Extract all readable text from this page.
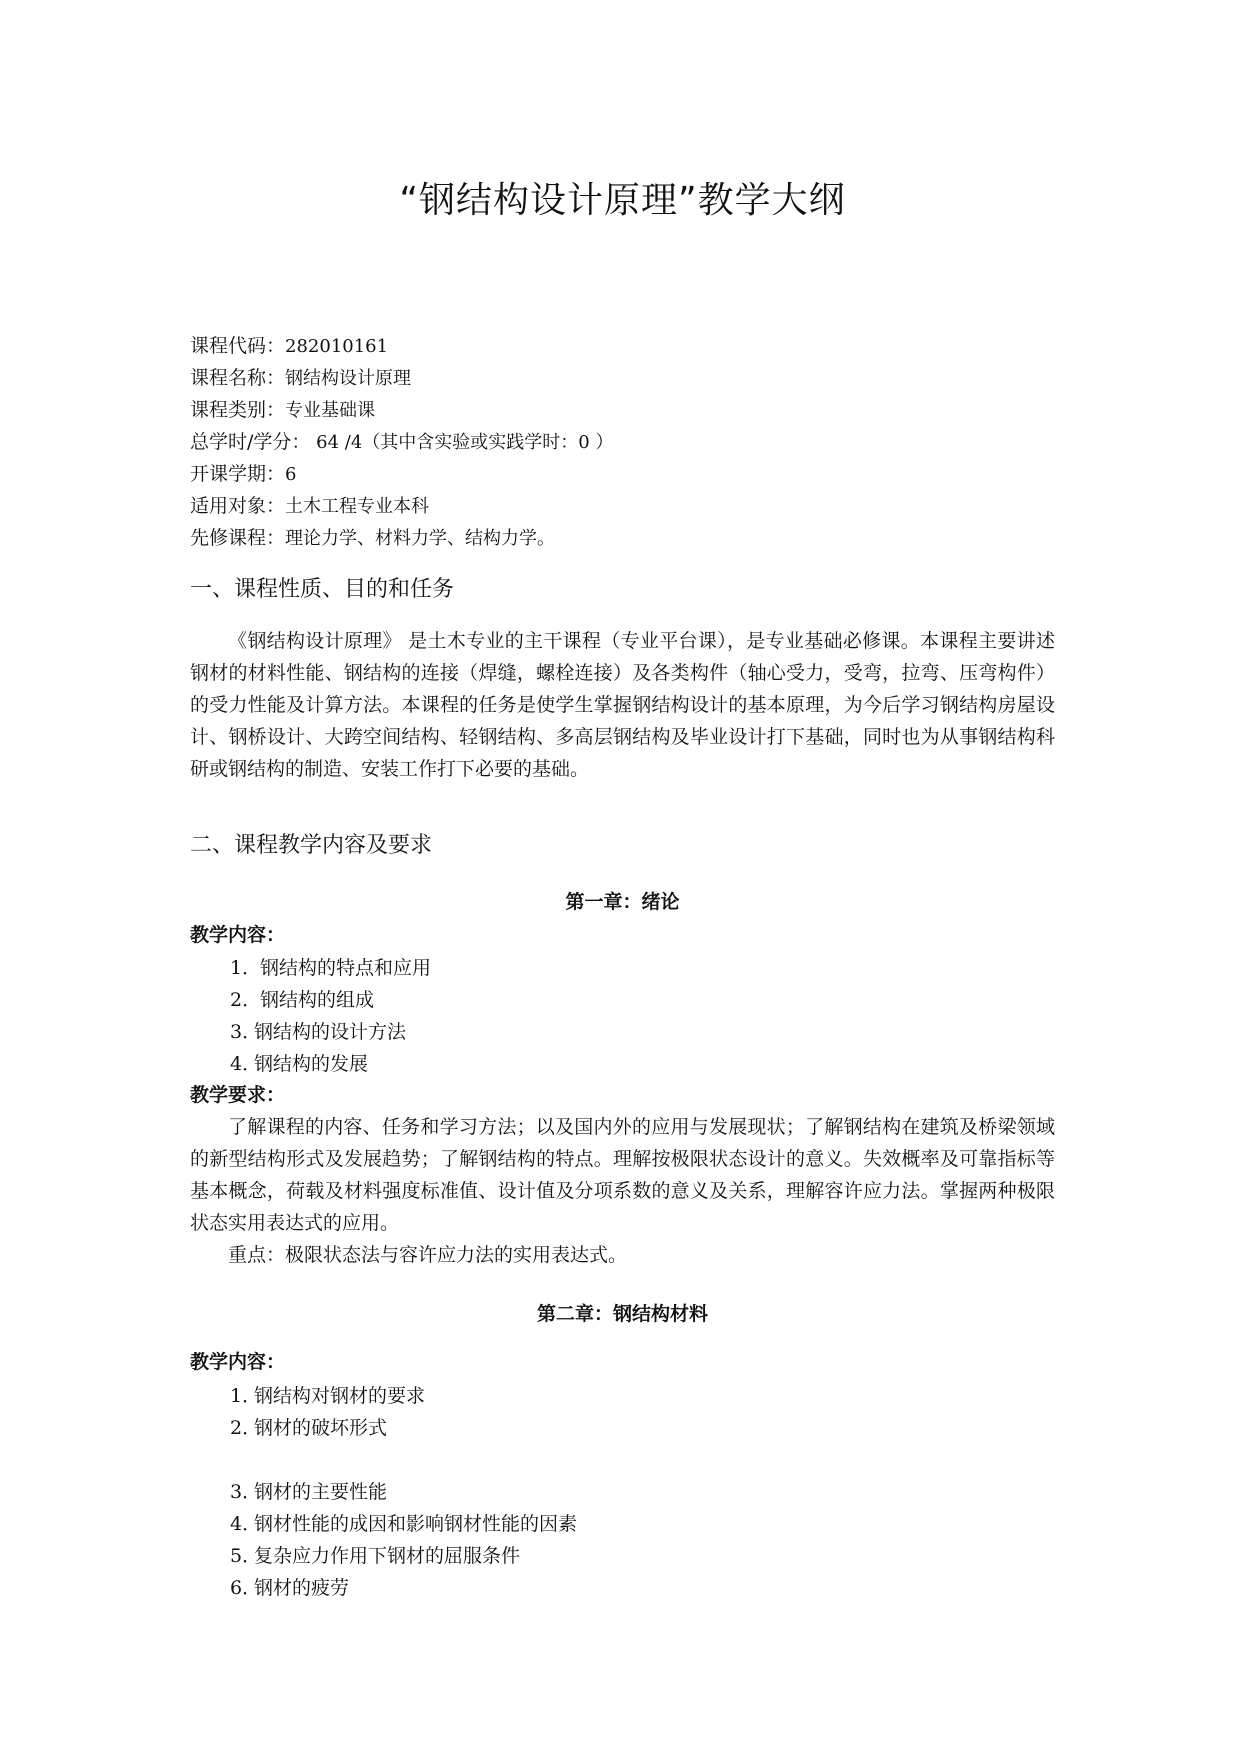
“钢结构设计原理”教学大纲
课程代码：282010161
课程名称：钢结构设计原理
课程类别：专业基础课
总学时/学分： 64 /4（其中含实验或实践学时：0 ）
开课学期：6
适用对象：土木工程专业本科
先修课程：理论力学、材料力学、结构力学。
一、课程性质、目的和任务
《钢结构设计原理》 是土木专业的主干课程（专业平台课），是专业基础必修课。本课程主要讲述钢材的材料性能、钢结构的连接（焊缝，螺栓连接）及各类构件（轴心受力，受弯，拉弯、压弯构件）的受力性能及计算方法。本课程的任务是使学生掌握钢结构设计的基本原理，为今后学习钢结构房屋设计、钢桥设计、大跨空间结构、轻钢结构、多高层钢结构及毕业设计打下基础，同时也为从事钢结构科研或钢结构的制造、安装工作打下必要的基础。
二、课程教学内容及要求
第一章：绪论
教学内容：
1． 钢结构的特点和应用
2． 钢结构的组成
3．钢结构的设计方法
4．钢结构的发展
教学要求：
了解课程的内容、任务和学习方法；以及国内外的应用与发展现状；了解钢结构在建筑及桥梁领域的新型结构形式及发展趋势；了解钢结构的特点。理解按极限状态设计的意义。失效概率及可靠指标等基本概念，荷载及材料强度标准值、设计值及分项系数的意义及关系，理解容许应力法。掌握两种极限状态实用表达式的应用。
重点：极限状态法与容许应力法的实用表达式。
第二章：钢结构材料
教学内容：
1．钢结构对钢材的要求
2．钢材的破坏形式
3．钢材的主要性能
4．钢材性能的成因和影响钢材性能的因素
5．复杂应力作用下钢材的屈服条件
6．钢材的疲劳
